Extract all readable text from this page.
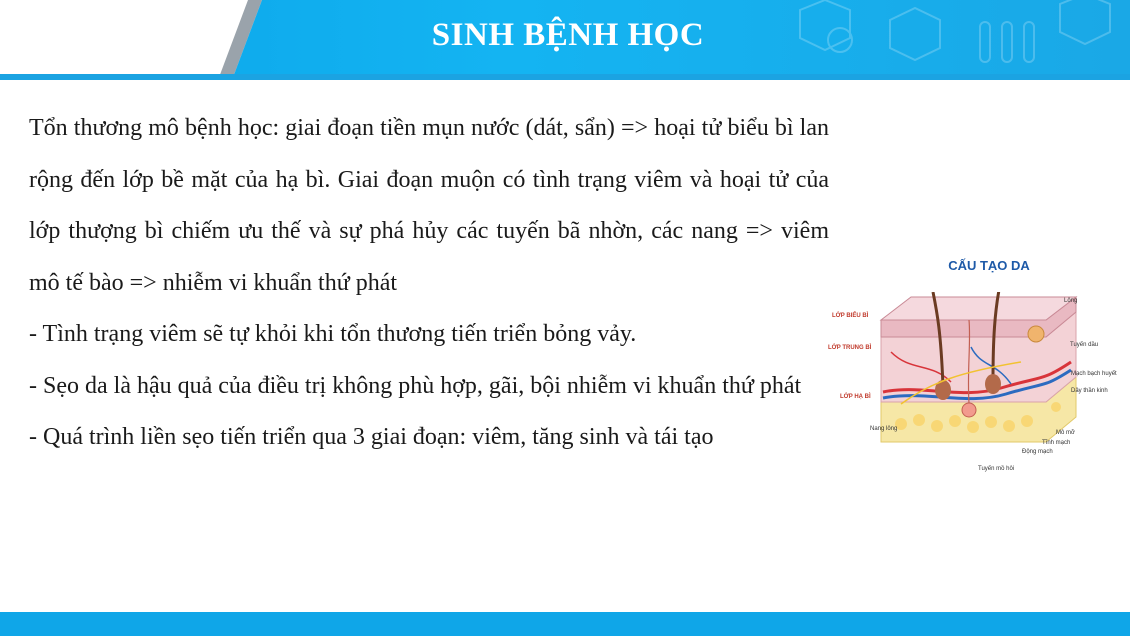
SINH BỆNH HỌC

Tổn thương mô bệnh học: giai đoạn tiền mụn nước (dát, sẩn) => hoại tử biểu bì lan rộng đến lớp bề mặt của hạ bì. Giai đoạn muộn có tình trạng viêm và hoại tử của lớp thượng bì chiếm ưu thế và sự phá hủy các tuyến bã nhờn, các nang => viêm mô tế bào => nhiễm vi khuẩn thứ phát

- Tình trạng viêm sẽ tự khỏi khi tổn thương tiến triển bỏng vảy.

- Sẹo da là hậu quả của điều trị không phù hợp, gãi, bội nhiễm vi khuẩn thứ phát

- Quá trình liền sẹo tiến triển qua 3 giai đoạn: viêm, tăng sinh và tái tạo

CẤU TẠO DA
LỚP BIỂU BÌ
LỚP TRUNG BÌ
LỚP HẠ BÌ
Nang lông
Lông
Tuyến dầu
Mạch bạch huyết
Dây thần kinh
Mô mỡ
Tĩnh mạch
Động mạch
Tuyến mồ hôi
